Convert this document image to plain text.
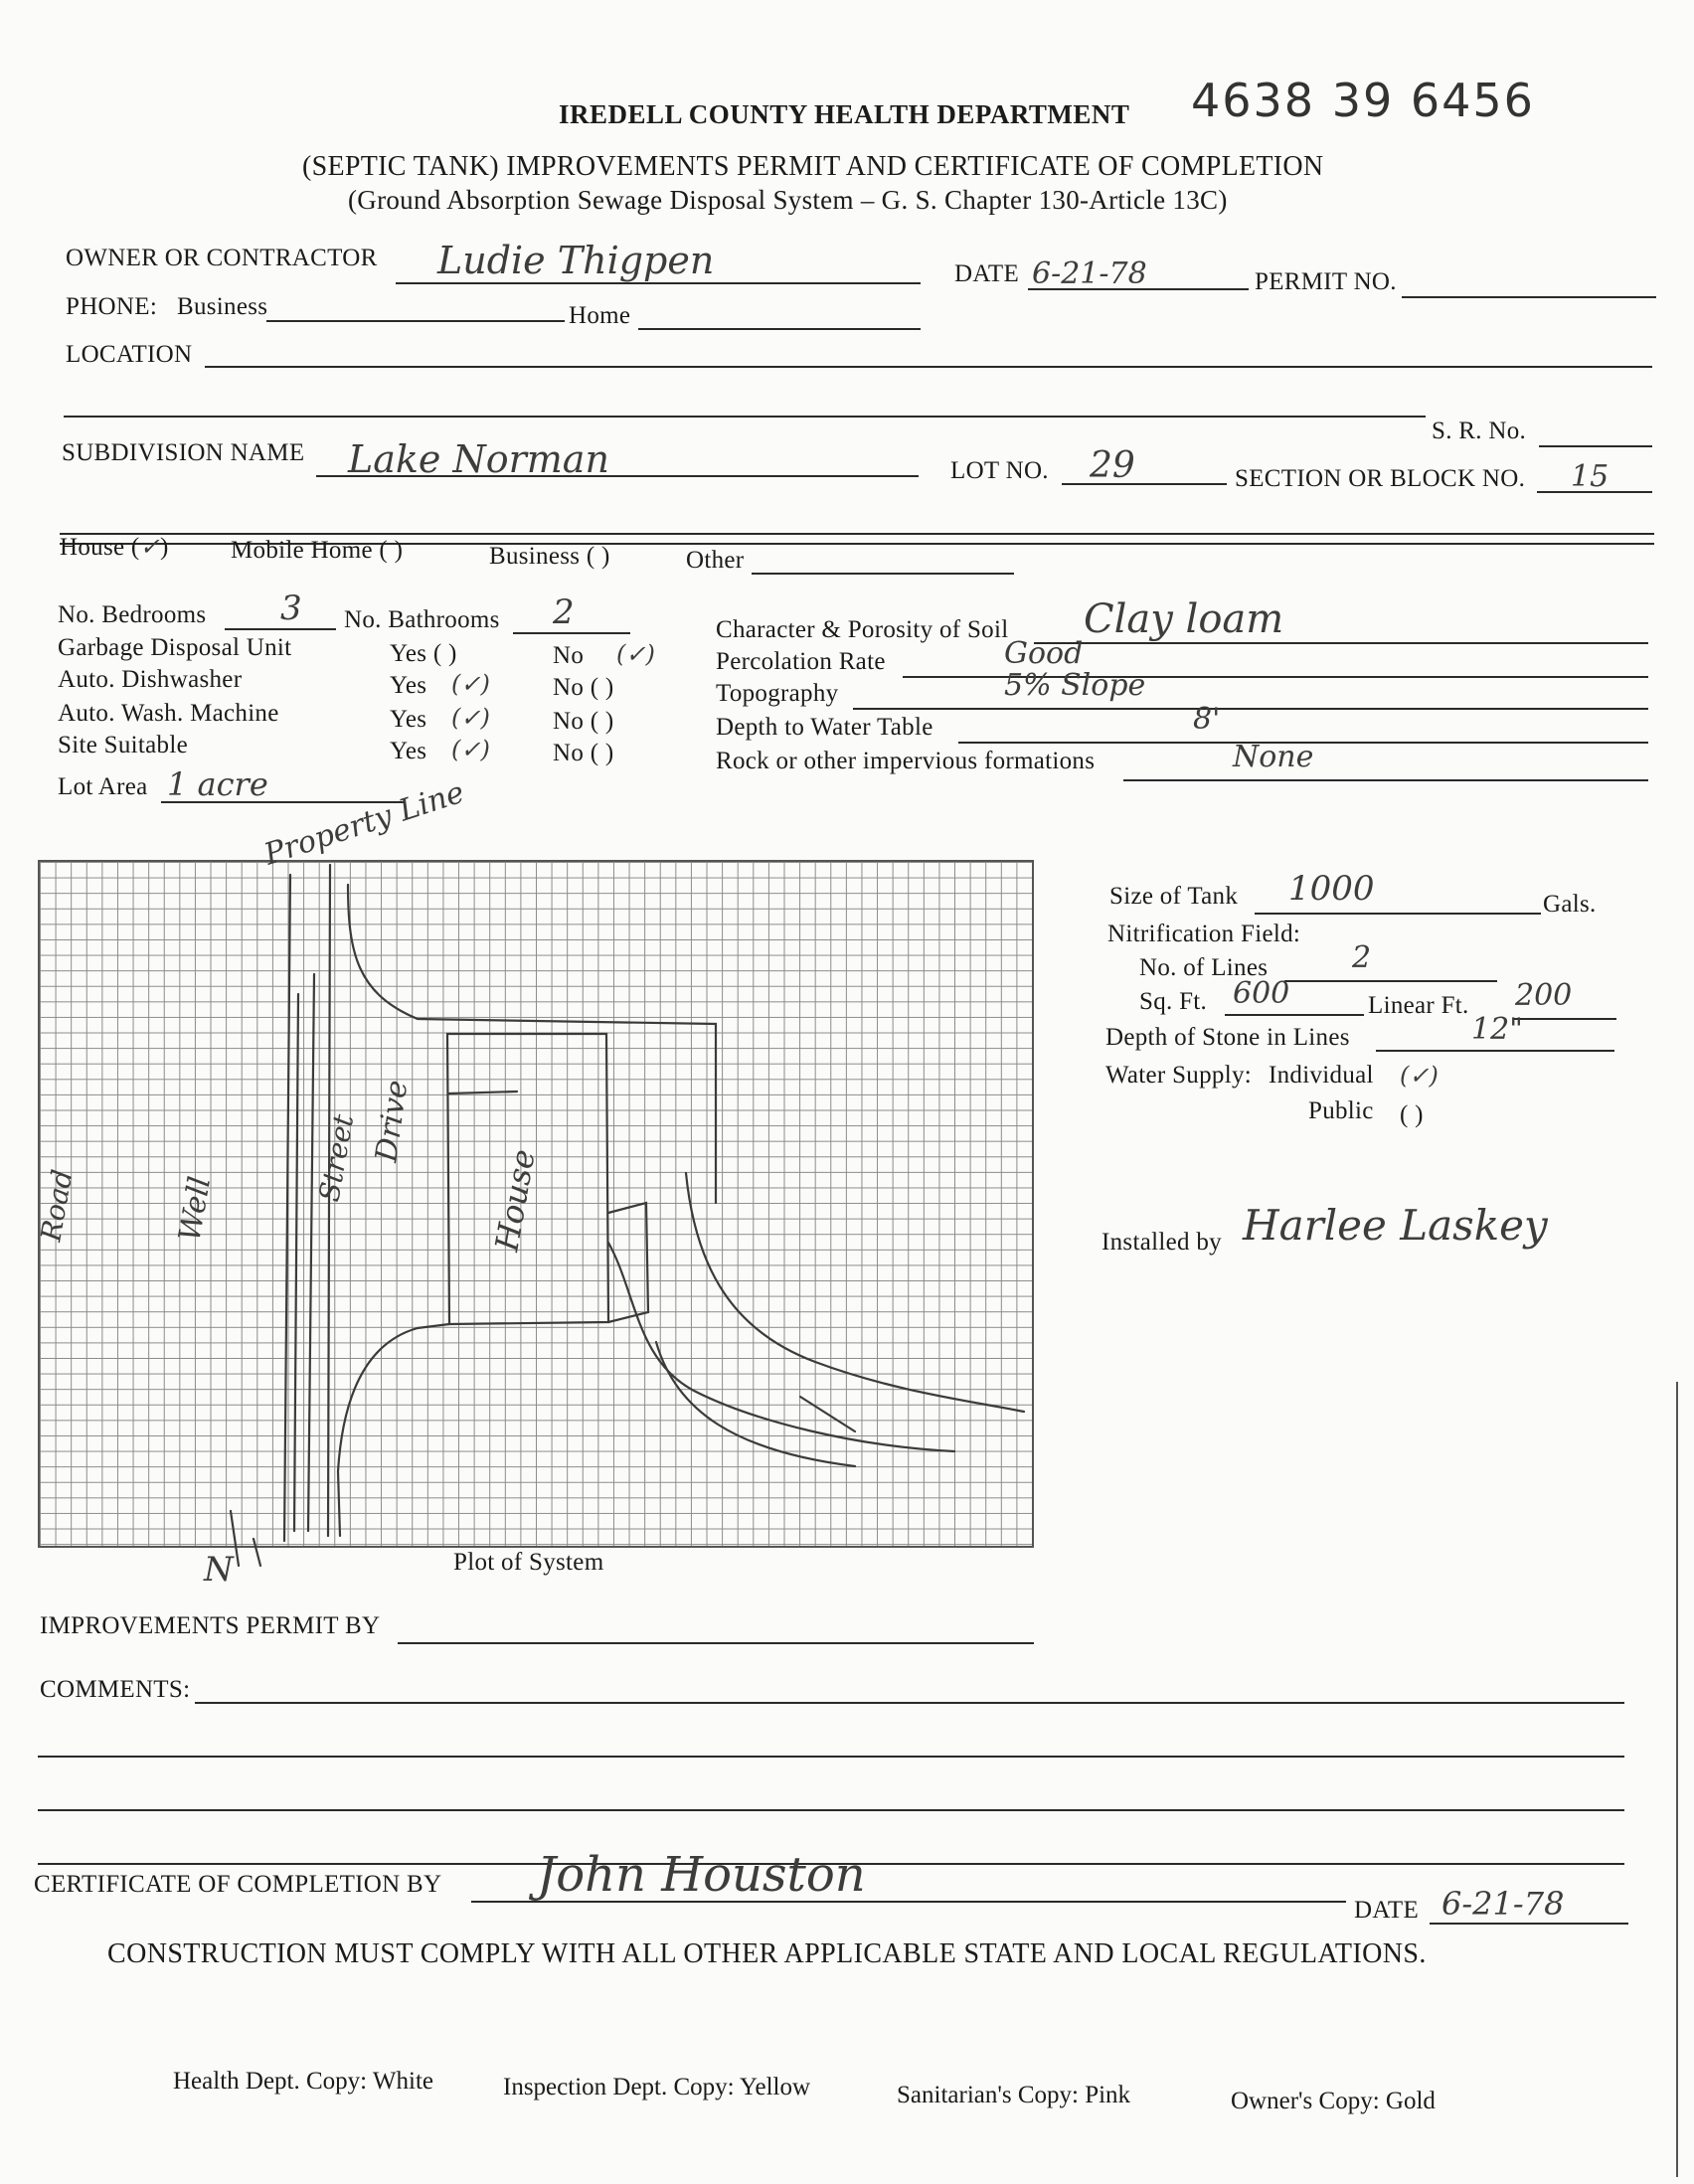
IREDELL COUNTY HEALTH DEPARTMENT 4638 39 6456
(SEPTIC TANK) IMPROVEMENTS PERMIT AND CERTIFICATE OF COMPLETION
(Ground Absorption Sewage Disposal System – G. S. Chapter 130-Article 13C)
OWNER OR CONTRACTOR Ludie Thigpen	DATE 6-21-78	PERMIT NO.
PHONE: Business	Home
LOCATION
S. R. No.
SUBDIVISION NAME Lake Norman	LOT NO. 29	SECTION OR BLOCK NO. 15
House (✓) Mobile Home ( )	Business ( )	Other
No. Bedrooms 3 No. Bathrooms 2
Garbage Disposal Unit	Yes ( )	No (✓)
Auto. Dishwasher	Yes (✓)	No ( )
Auto. Wash. Machine	Yes (✓)	No ( )
Site Suitable	Yes (✓)	No ( )
Lot Area 1 acre
Character & Porosity of Soil Clay loam
Percolation Rate	Good
Topography	5% Slope
Depth to Water Table	8'
Rock or other impervious formations	None
Property Line
House
Drive
Well
Road
Street
N	Plot of System
Size of Tank 1000	Gals.
Nitrification Field:
No. of Lines	2
Sq. Ft. 600	Linear Ft. 200
Depth of Stone in Lines	12"
Water Supply: Individual (✓)
Public ( )
Installed by Harlee Laskey
IMPROVEMENTS PERMIT BY
COMMENTS:
CERTIFICATE OF COMPLETION BY John Houston
DATE 6-21-78
CONSTRUCTION MUST COMPLY WITH ALL OTHER APPLICABLE STATE AND LOCAL REGULATIONS.
Health Dept. Copy: White	Inspection Dept. Copy: Yellow	Sanitarian's Copy: Pink	Owner's Copy: Gold
